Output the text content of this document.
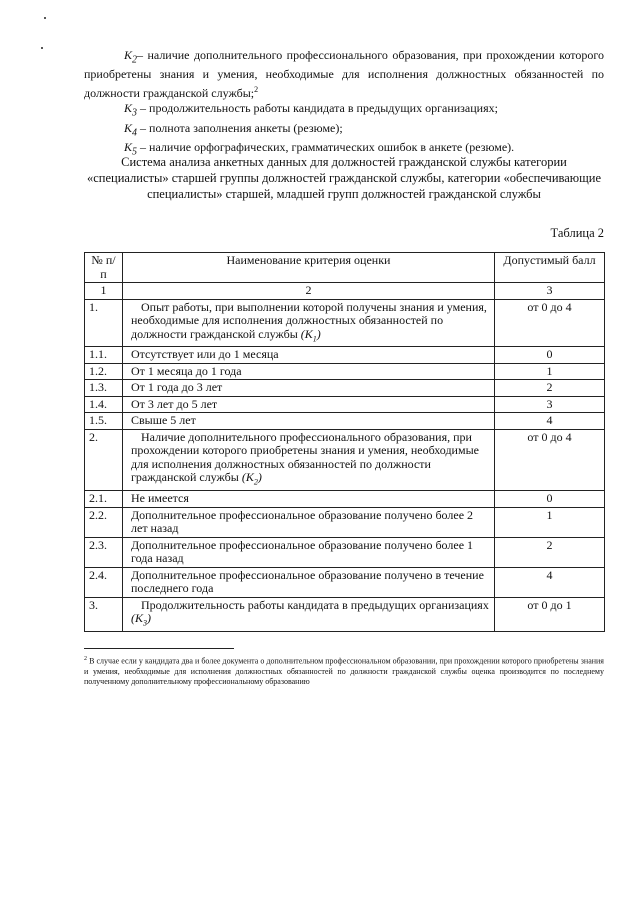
$K_2-$ наличие дополнительного профессионального образования, при прохождении которого приобретены знания и умения, необходимые для исполнения должностных обязанностей по должности гражданской службы;$^2$

$K_3$ – продолжительность работы кандидата в предыдущих организациях;

$K_4$ – полнота заполнения анкеты (резюме);

$K_5$ – наличие орфографических, грамматических ошибок в анкете (резюме).

Система анализа анкетных данных для должностей гражданской службы категории «специалисты» старшей группы должностей гражданской службы, категории «обеспечивающие специалисты» старшей, младшей групп должностей гражданской службы
Таблица 2
№ п/п	Наименование критерия оценки	Допустимый балл
1	2	3
1.	Опыт работы, при выполнении которой получены знания и умения, необходимые для исполнения должностных обязанностей по должности гражданской службы $(K_1)$	от 0 до 4
1.1.	Отсутствует или до 1 месяца	0
1.2.	От 1 месяца до 1 года	1
1.3.	От 1 года до 3 лет	2
1.4.	От 3 лет до 5 лет	3
1.5.	Свыше 5 лет	4
2.	Наличие дополнительного профессионального образования, при прохождении которого приобретены знания и умения, необходимые для исполнения должностных обязанностей по должности гражданской службы $(K_2)$	от 0 до 4
2.1.	Не имеется	0
2.2.	Дополнительное профессиональное образование получено более 2 лет назад	1
2.3.	Дополнительное профессиональное образование получено более 1 года назад	2
2.4.	Дополнительное профессиональное образование получено в течение последнего года	4
3.	Продолжительность работы кандидата в предыдущих организациях $(K_3)$	от 0 до 1
$^2$ В случае если у кандидата два и более документа о дополнительном профессиональном образовании, при прохождении которого приобретены знания и умения, необходимые для исполнения должностных обязанностей по должности гражданской службы оценка производится по последнему полученному дополнительному профессиональному образованию
